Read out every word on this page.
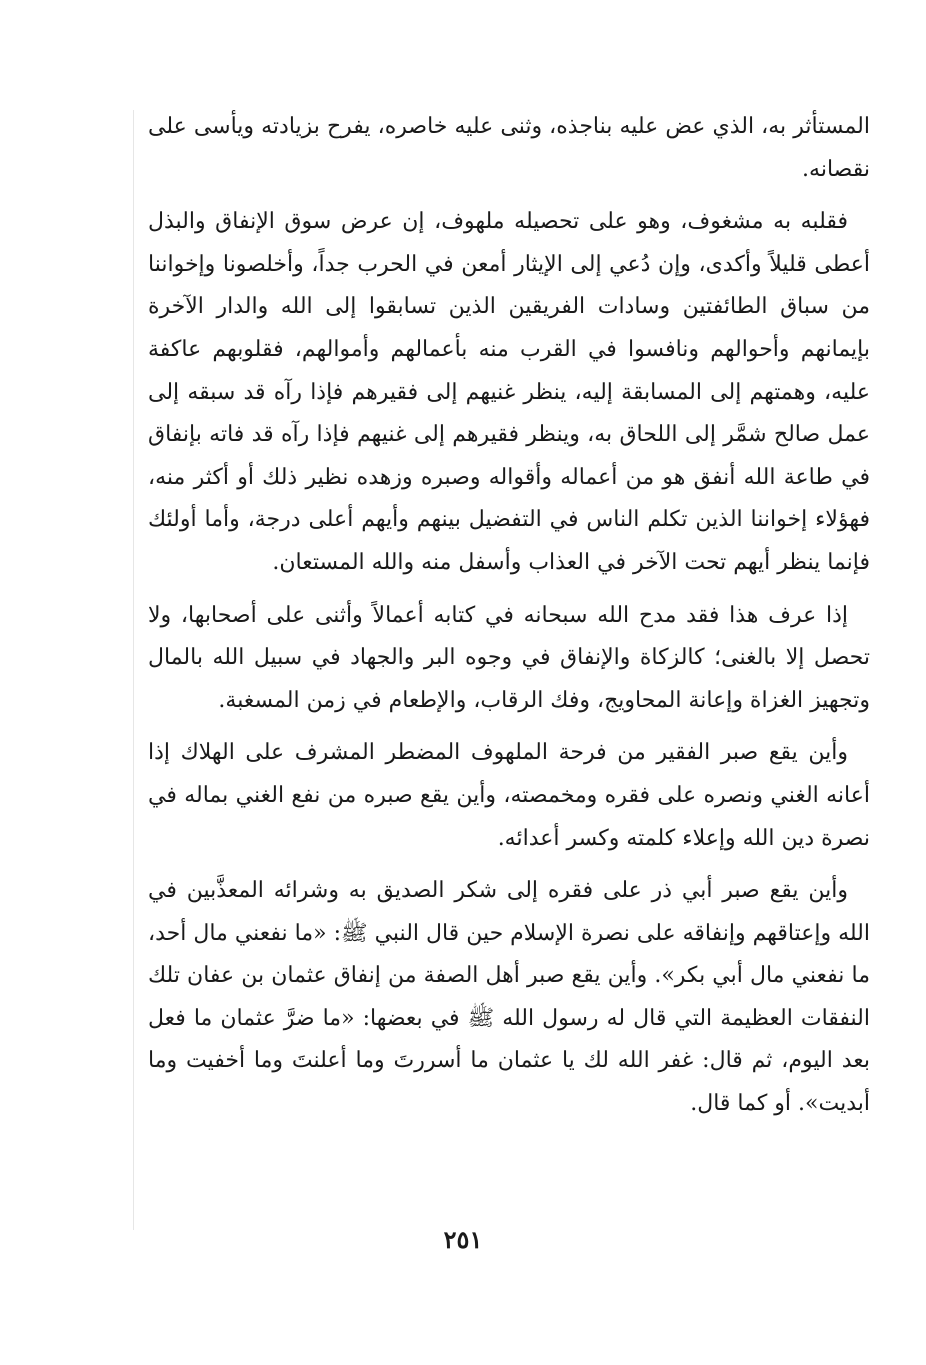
المستأثر به، الذي عض عليه بناجذه، وثنى عليه خاصره، يفرح بزيادته ويأسى على نقصانه.

فقلبه به مشغوف، وهو على تحصيله ملهوف، إن عرض سوق الإنفاق والبذل أعطى قليلاً وأكدى، وإن دُعي إلى الإيثار أمعن في الحرب جداً، وأخلصونا وإخواننا من سباق الطائفتين وسادات الفريقين الذين تسابقوا إلى الله والدار الآخرة بإيمانهم وأحوالهم ونافسوا في القرب منه بأعمالهم وأموالهم، فقلوبهم عاكفة عليه، وهمتهم إلى المسابقة إليه، ينظر غنيهم إلى فقيرهم فإذا رآه قد سبقه إلى عمل صالح شمَّر إلى اللحاق به، وينظر فقيرهم إلى غنيهم فإذا رآه قد فاته بإنفاق في طاعة الله أنفق هو من أعماله وأقواله وصبره وزهده نظير ذلك أو أكثر منه، فهؤلاء إخواننا الذين تكلم الناس في التفضيل بينهم وأيهم أعلى درجة، وأما أولئك فإنما ينظر أيهم تحت الآخر في العذاب وأسفل منه والله المستعان.

إذا عرف هذا فقد مدح الله سبحانه في كتابه أعمالاً وأثنى على أصحابها، ولا تحصل إلا بالغنى؛ كالزكاة والإنفاق في وجوه البر والجهاد في سبيل الله بالمال وتجهيز الغزاة وإعانة المحاويج، وفك الرقاب، والإطعام في زمن المسغبة.

وأين يقع صبر الفقير من فرحة الملهوف المضطر المشرف على الهلاك إذا أعانه الغني ونصره على فقره ومخمصته، وأين يقع صبره من نفع الغني بماله في نصرة دين الله وإعلاء كلمته وكسر أعدائه.

وأين يقع صبر أبي ذر على فقره إلى شكر الصديق به وشرائه المعذَّبين في الله وإعتاقهم وإنفاقه على نصرة الإسلام حين قال النبي ﷺ: «ما نفعني مال أحد، ما نفعني مال أبي بكر». وأين يقع صبر أهل الصفة من إنفاق عثمان بن عفان تلك النفقات العظيمة التي قال له رسول الله ﷺ في بعضها: «ما ضرَّ عثمان ما فعل بعد اليوم، ثم قال: غفر الله لك يا عثمان ما أسررتَ وما أعلنتَ وما أخفيت وما أبديت». أو كما قال.

٢٥١
